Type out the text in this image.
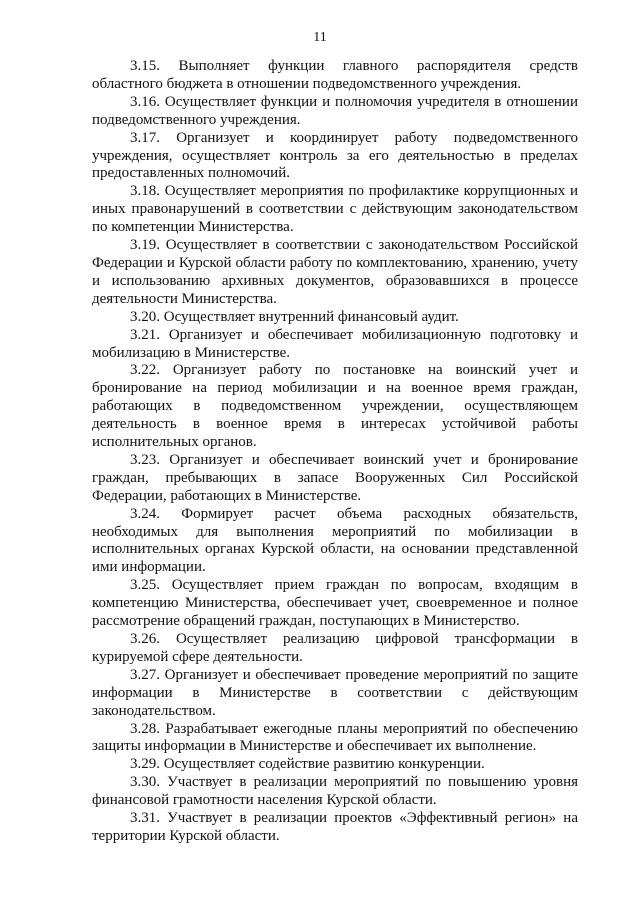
11

3.15. Выполняет функции главного распорядителя средств областного бюджета в отношении подведомственного учреждения.

3.16. Осуществляет функции и полномочия учредителя в отношении подведомственного учреждения.

3.17. Организует и координирует работу подведомственного учреждения, осуществляет контроль за его деятельностью в пределах предоставленных полномочий.

3.18. Осуществляет мероприятия по профилактике коррупционных и иных правонарушений в соответствии с действующим законодательством по компетенции Министерства.

3.19. Осуществляет в соответствии с законодательством Российской Федерации и Курской области работу по комплектованию, хранению, учету и использованию архивных документов, образовавшихся в процессе деятельности Министерства.

3.20. Осуществляет внутренний финансовый аудит.

3.21. Организует и обеспечивает мобилизационную подготовку и мобилизацию в Министерстве.

3.22. Организует работу по постановке на воинский учет и бронирование на период мобилизации и на военное время граждан, работающих в подведомственном учреждении, осуществляющем деятельность в военное время в интересах устойчивой работы исполнительных органов.

3.23. Организует и обеспечивает воинский учет и бронирование граждан, пребывающих в запасе Вооруженных Сил Российской Федерации, работающих в Министерстве.

3.24. Формирует расчет объема расходных обязательств, необходимых для выполнения мероприятий по мобилизации в исполнительных органах Курской области, на основании представленной ими информации.

3.25. Осуществляет прием граждан по вопросам, входящим в компетенцию Министерства, обеспечивает учет, своевременное и полное рассмотрение обращений граждан, поступающих в Министерство.

3.26. Осуществляет реализацию цифровой трансформации в курируемой сфере деятельности.

3.27. Организует и обеспечивает проведение мероприятий по защите информации в Министерстве в соответствии с действующим законодательством.

3.28. Разрабатывает ежегодные планы мероприятий по обеспечению защиты информации в Министерстве и обеспечивает их выполнение.

3.29. Осуществляет содействие развитию конкуренции.

3.30. Участвует в реализации мероприятий по повышению уровня финансовой грамотности населения Курской области.

3.31. Участвует в реализации проектов «Эффективный регион» на территории Курской области.
